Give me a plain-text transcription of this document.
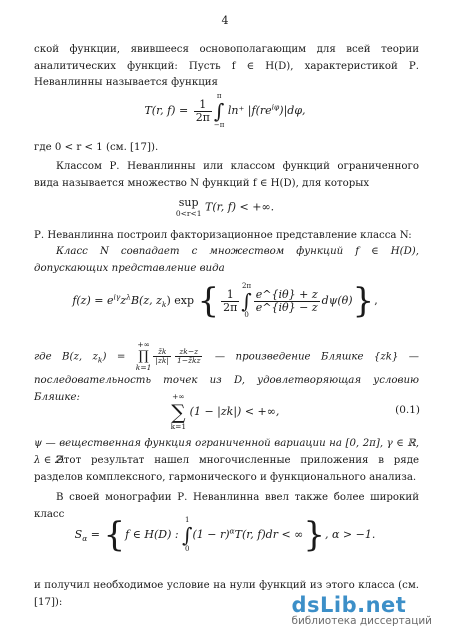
4
ской функции, явившееся основополагающим для всей теории аналитических функций: Пусть f ∈ H(D), характеристикой Р. Неванлинны называется функция
T(r, $f) = \frac{1}{2\pi}$
π
∫
−π
ln⁺ $|f(re^{i\varphi})|d\varphi$,
где 0 < r < 1 (см. [17]).
Классом Р. Неванлинны или классом функций ограниченного вида называется множество N функций f ∈ H(D), для которых
sup
0<r<1 T(r, f) < +∞.
Р. Неванлинна построил факторизационное представление класса N:
Класс N совпадает с множеством функций f ∈ H(D), допускающих представление вида
$f(z) = e^{i\gamma}z^\lambda B(z$, $z_k$) exp { $\frac{1}{2\pi}$
2π
∫
0
$\frac{e\^{}\{i\theta\} + z}{e\^{}\{i\theta\} - z} d\psi(\theta)$},
где B(z, $z_k$) =
+∞
∏
k=1
$\frac{z̄k}{|zk|} \frac{zk-z}{1-z̄kz}$ — произведение Бляшке {zk} — последовательность точек из D, удовлетворяющая условию Бляшке:	+∞
∑
k=1
(1 − |zk|) < +∞,	(0.1)
ψ — вещественная функция ограниченной вариации на [0, 2π], γ ∈ ℝ, λ ∈ ℤ.
Этот результат нашел многочисленные приложения в ряде разделов комплексного, гармонического и функционального анализа.
В своей монографии Р. Неванлинна ввел также более широкий класс
$S_\alpha = \{f$ ∈ H(D) :
1
∫
0
$(1 - r)^\alpha T(r$, f)dr < ∞}, α > −1.
и получил необходимое условие на нули функций из этого класса (см. [17]):	dsLib.net
библиотека диссертаций
